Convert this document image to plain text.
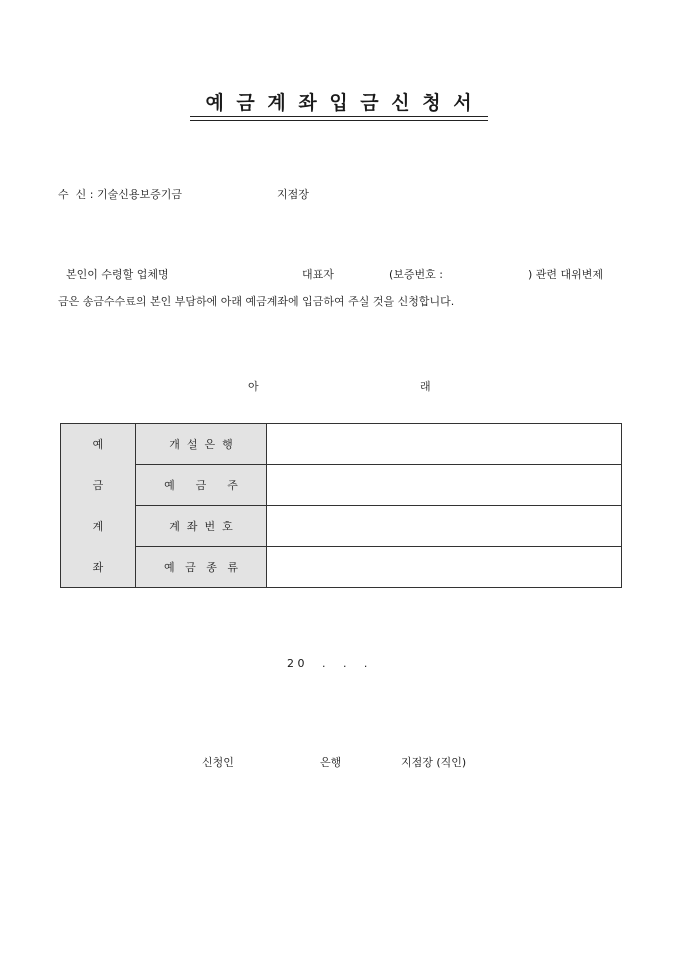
예 금 계 좌 입 금 신 청 서
수  신 : 기술신용보증기금	지점장
본인이 수령할 업체명	대표자	(보증번호 :	) 관련 대위변제
금은 송금수수료의 본인 부담하에 아래 예금계좌에 입금하여 주실 것을 신청합니다.
아	래
예	개  설  은  행	
금	예      금      주	
계	계  좌  번  호	
좌	예   금   종   류	
2 0     .     .     .
신청인	은행	지점장 (직인)
